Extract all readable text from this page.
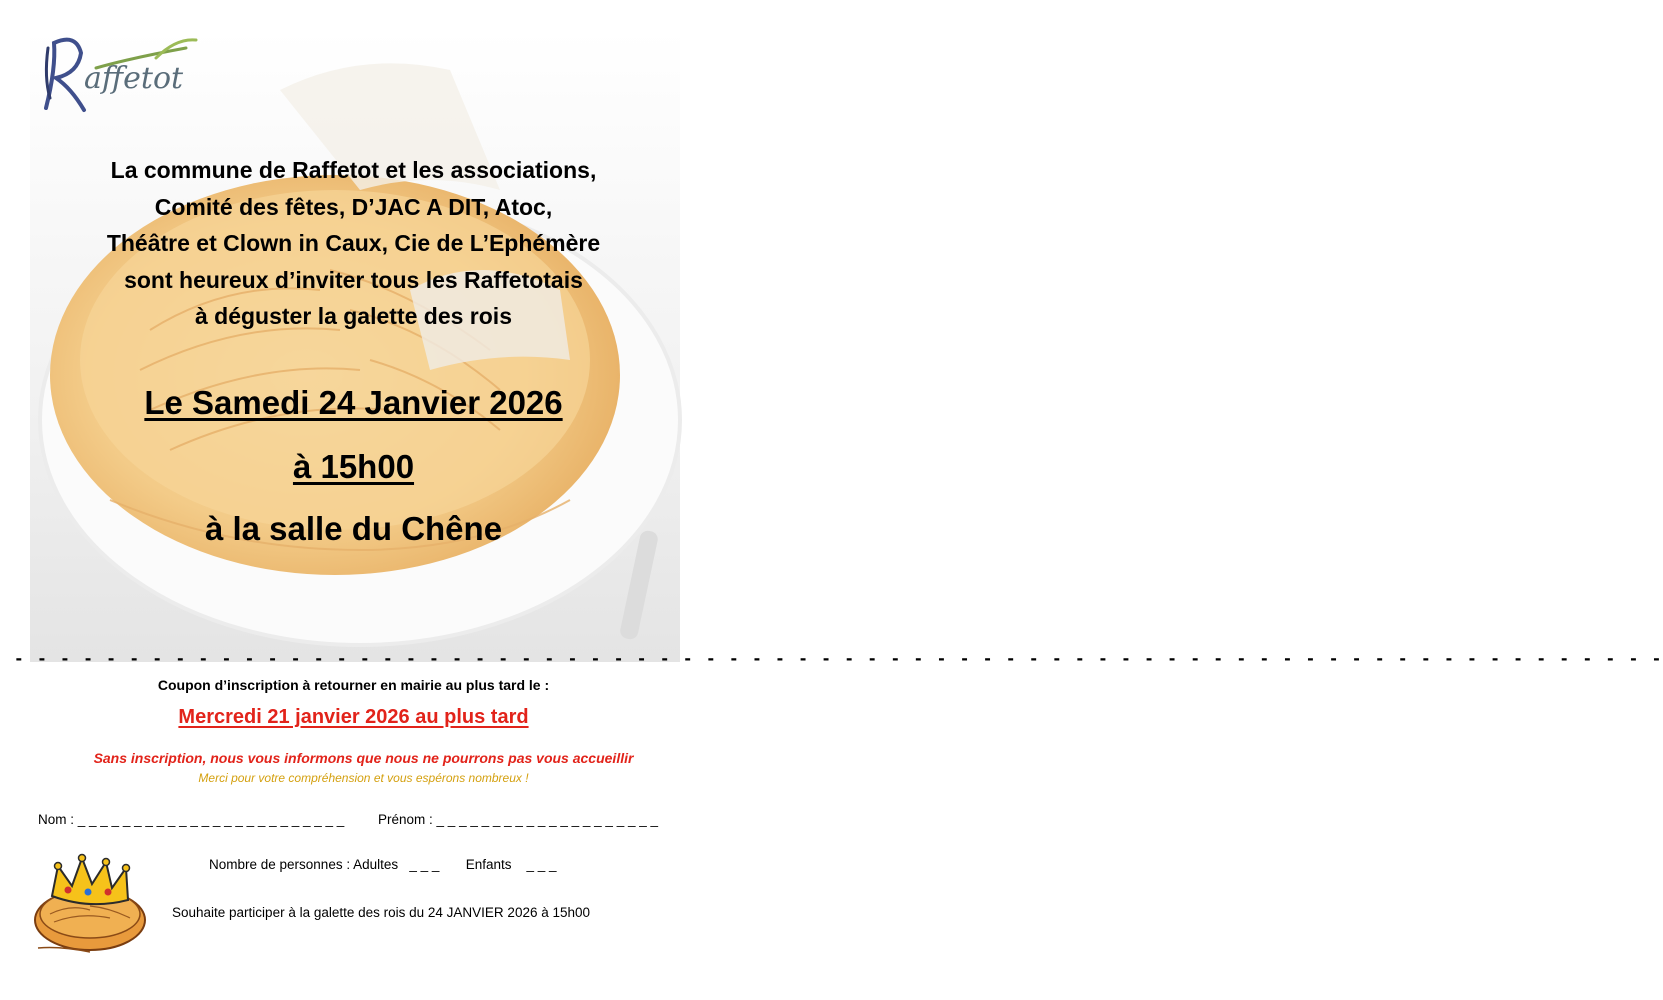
affetot
La commune de Raffetot et les associations,
Comité des fêtes, D’JAC A DIT, Atoc,
Théâtre et Clown in Caux, Cie de L’Ephémère
sont heureux d’inviter tous les Raffetotais
à déguster la galette des rois
Le Samedi 24 Janvier 2026
à 15h00
à la salle du Chêne
- - - - - - - - - - - - - - - - - - - - - - - - - - - - - - - - - - - - - - - - - - - - - - - - - - - - - - - - - - - - - - - - - - - - - - - -
Coupon d’inscription à retourner en mairie au plus tard le :
Mercredi 21 janvier 2026 au plus tard
Sans inscription, nous vous informons que nous ne pourrons pas vous accueillir
Merci pour votre compréhension et vous espérons nombreux !
Nom : _ _ _ _ _ _ _ _ _ _ _ _ _ _ _ _ _ _ _ _ _ _ _ _	Prénom : _ _ _ _ _ _ _ _ _ _ _ _ _ _ _ _ _ _ _ _
Nombre de personnes : Adultes _ _ _ Enfants _ _ _
Souhaite participer à la galette des rois du 24 JANVIER 2026 à 15h00
